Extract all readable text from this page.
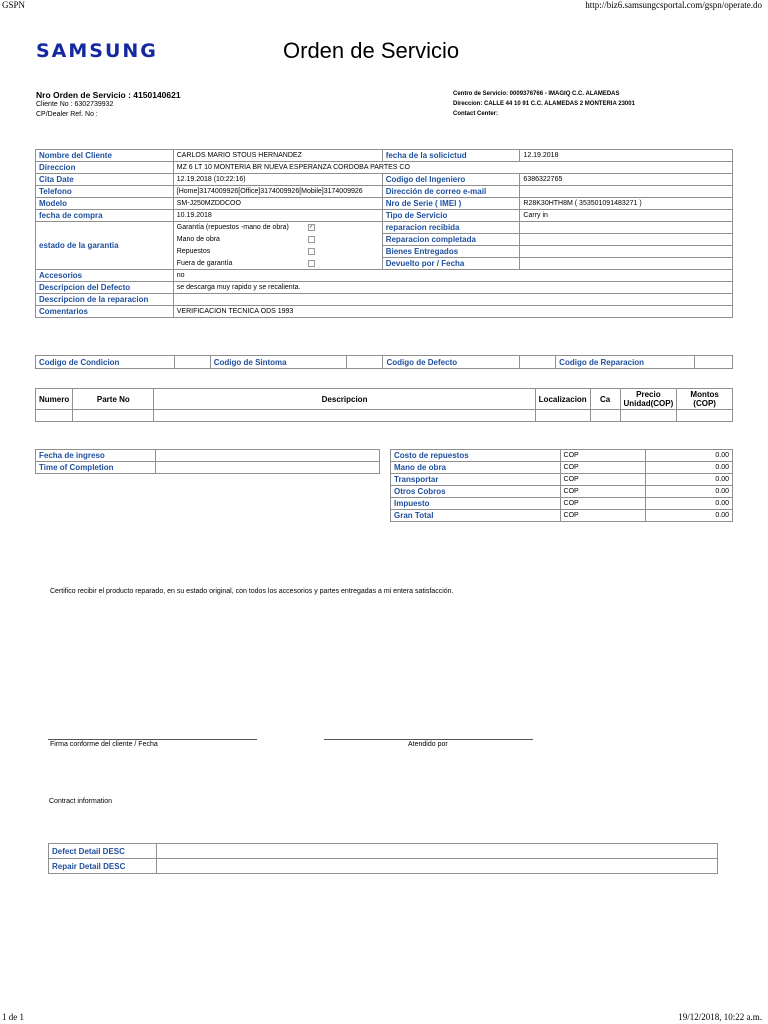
GSPN	http://biz6.samsungcsportal.com/gspn/operate.do
1 de 1	19/12/2018, 10:22 a.m.
SAMSUNG	Orden de Servicio
Nro Orden de Servicio : 4150140621
Cliente No : 6302739932
CP/Dealer Ref. No :
Centro de Servicio: 0009376766 - IMAGIQ C.C. ALAMEDAS
Direccion: CALLE 44 10 91 C.C. ALAMEDAS 2 MONTERIA 23001
Contact Center:
Nombre del Cliente	CARLOS MARIO STOUS HERNANDEZ	fecha de la solicictud	12.19.2018
Direccion	MZ 6 LT 10 MONTERIA BR NUEVA ESPERANZA CORDOBA PARTES CO		
Cita Date	12.19.2018 (10:22:16)	Codigo del Ingeniero	6386322765
Telefono	[Home]3174009926[Office]3174009926[Mobile]3174009926	Dirección de correo e-mail	
Modelo	SM-J250MZDDCOO	Nro de Serie ( IMEI )	R28K30HTH8M ( 353501091483271 )
fecha de compra	10.19.2018	Tipo de Servicio	Carry in
estado de la garantia	Garantía (repuestos -mano de obra) ✓	reparacion recibida	
	Mano de obra	Reparacion completada	
	Repuestos	Bienes Entregados	
	Fuera de garantía	Devuelto por / Fecha	
Accesorios	no		
Descripcion del Defecto	se descarga muy rapido y se recalienta.		
Descripcion de la reparacion			
Comentarios	VERIFICACION TECNICA ODS 1993		
Codigo de Condicion		Codigo de Sintoma		Codigo de Defecto		Codigo de Reparacion	
Numero	Parte No	Descripcion	Localizacion	Ca	Precio Unidad(COP)	Montos (COP)

Fecha de ingreso	
Time of Completion	
Costo de repuestos	COP	0.00
Mano de obra	COP	0.00
Transportar	COP	0.00
Otros Cobros	COP	0.00
Impuesto	COP	0.00
Gran Total	COP	0.00
Certifico recibir el producto reparado, en su estado original, con todos los accesorios y partes entregadas a mi entera satisfacción.
Firma conforme del cliente / Fecha	Atendido por
Contract information
Defect Detail DESC	
Repair Detail DESC	
